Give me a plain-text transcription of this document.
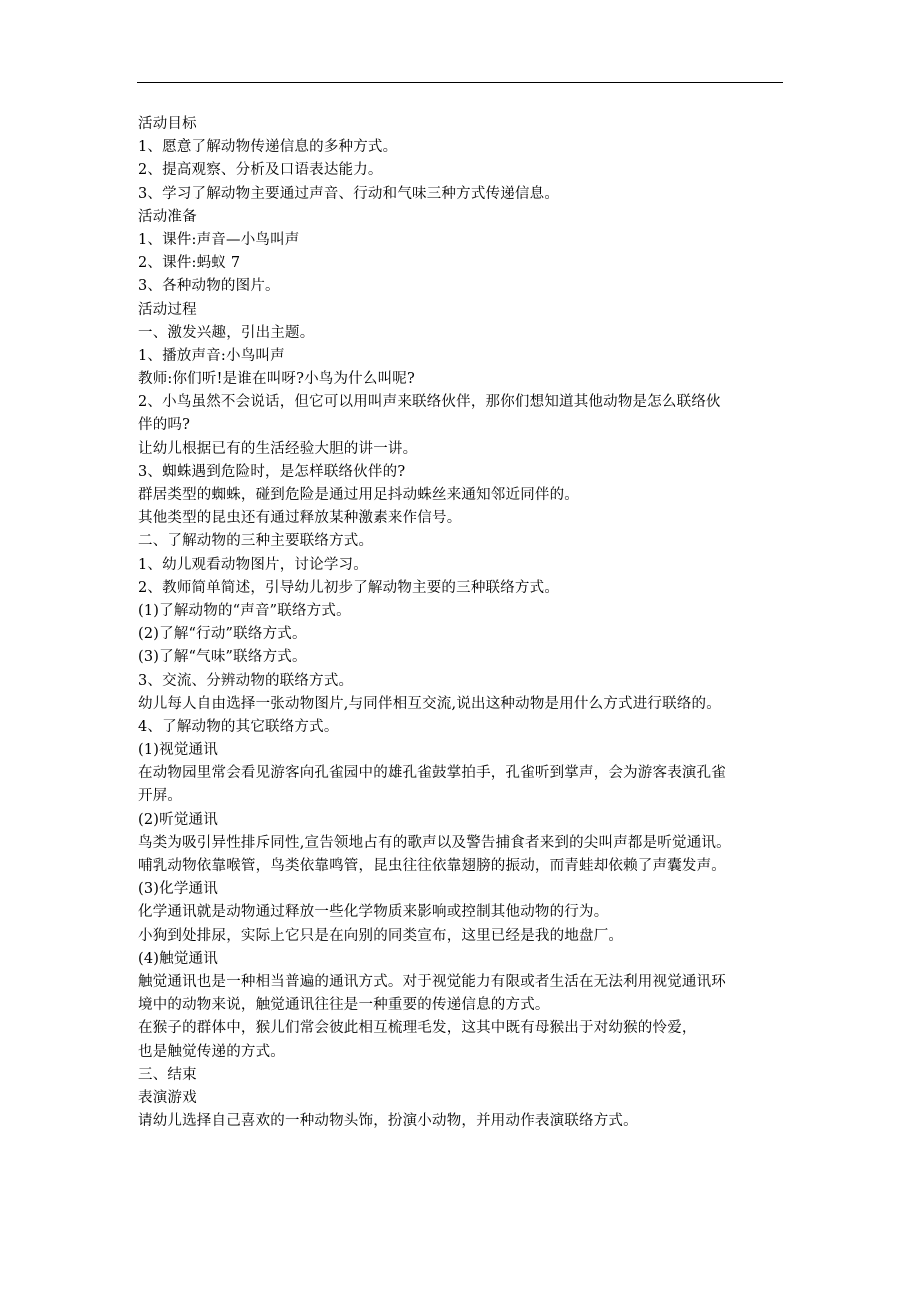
活动目标
1、愿意了解动物传递信息的多种方式。
2、提高观察、分析及口语表达能力。
3、学习了解动物主要通过声音、行动和气味三种方式传递信息。
活动准备
1、课件:声音—小鸟叫声
2、课件:蚂蚁 7
3、各种动物的图片。
活动过程
一、激发兴趣，引出主题。
1、播放声音:小鸟叫声
教师:你们听!是谁在叫呀?小鸟为什么叫呢?
2、小鸟虽然不会说话，但它可以用叫声来联络伙伴，那你们想知道其他动物是怎么联络伙
伴的吗?
让幼儿根据已有的生活经验大胆的讲一讲。
3、蜘蛛遇到危险时，是怎样联络伙伴的?
群居类型的蜘蛛，碰到危险是通过用足抖动蛛丝来通知邻近同伴的。
其他类型的昆虫还有通过释放某种激素来作信号。
二、了解动物的三种主要联络方式。
1、幼儿观看动物图片，讨论学习。
2、教师简单简述，引导幼儿初步了解动物主要的三种联络方式。
(1)了解动物的“声音”联络方式。
(2)了解“行动”联络方式。
(3)了解“气味”联络方式。
3、交流、分辨动物的联络方式。
幼儿每人自由选择一张动物图片,与同伴相互交流,说出这种动物是用什么方式进行联络的。
4、了解动物的其它联络方式。
(1)视觉通讯
在动物园里常会看见游客向孔雀园中的雄孔雀鼓掌拍手，孔雀听到掌声，会为游客表演孔雀
开屏。
(2)听觉通讯
鸟类为吸引异性排斥同性,宣告领地占有的歌声以及警告捕食者来到的尖叫声都是听觉通讯。
哺乳动物依靠喉管，鸟类依靠鸣管，昆虫往往依靠翅膀的振动，而青蛙却依赖了声囊发声。
(3)化学通讯
化学通讯就是动物通过释放一些化学物质来影响或控制其他动物的行为。
小狗到处排尿，实际上它只是在向别的同类宣布，这里已经是我的地盘厂。
(4)触觉通讯
触觉通讯也是一种相当普遍的通讯方式。对于视觉能力有限或者生活在无法利用视觉通讯环
境中的动物来说，触觉通讯往往是一种重要的传递信息的方式。
在猴子的群体中，猴儿们常会彼此相互梳理毛发，这其中既有母猴出于对幼猴的怜爱，
也是触觉传递的方式。
三、结束
表演游戏
请幼儿选择自己喜欢的一种动物头饰，扮演小动物，并用动作表演联络方式。
